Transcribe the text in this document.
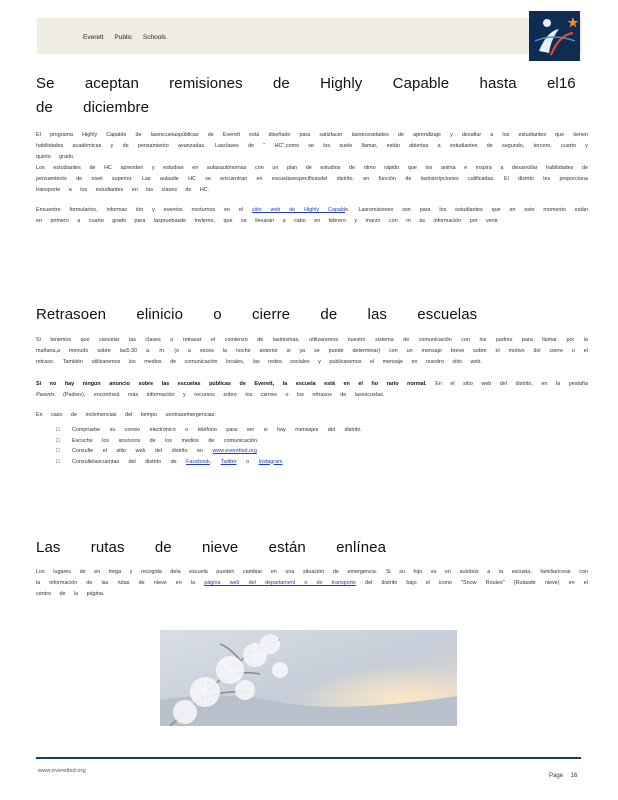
Everett Public Schools
Se aceptan remisiones de Highly Capable hasta el16 de diciembre

El programa Highly Capable de lasescuelaspúblicas de Everett está diseñado para satisfacer lasnecesidades de aprendizaje y desafiar a los estudiantes que tienen habilidades académicas y de pensamiento avanzadas. Lasclases de " HC",como se los suele llamar, están abiertas a estudiantes de segundo, tercero, cuarto y quinto grado.

Los estudiantes de HC aprenden y estudian en aulasautónomas con un plan de estudios de ritmo rápido que los anima e inspira a desarrollar habilidades de pensamiento de nivel superior. Las aulasde HC se encuentran en escuelasespecíficasdel distrito, en función de lasinscripciones calificadas. El distrito les proporciona transporte a los estudiantes en las clases de HC.

Encuentre formularios, informac ión y eventos nocturnos en el sitio web de Highly Capable. Lasremisiones son para los estudiantes que en este momento están en primero a cuarto grado para laspruebasde invierno, que se llevarán a cabo en febrero y marzo con m ás información por venir.

Retrasoen elinicio o cierre de las escuelas

Si tenemos que cancelar las clases o retrasar el comienzo de lasmismas, utilizaremos nuestro sistema de comunicación con los padres para llamar por la mañana,a menudo sobre las5:30 a. m. (o a veces la noche anterior si ya se puede determinar) con un mensaje breve sobre el motivo del cierre o el retraso. También utilizaremos los medios de comunicación locales, las redes sociales y publicaremos el mensaje en nuestro sitio web.

Si no hay ningún anuncio sobre las escuelas públicas de Everett, la escuela está en el ho rario normal. En el sitio web del distrito, en la pestaña Parents (Padres), encontrará más información y recursos sobre los cierres o los retrasos de lasescuelas.

En caso de inclemencias del tiempo ueotrasemergencias:

□ Compruebe su correo electrónico o teléfono para ver si hay mensajes del distrito.
□ Escuche los anuncios de los medios de comunicación.
□ Consulte el sitio web del distrito en www.everettsd.org
□ Consultelascuentas del distrito de Facebook, Twitter o Instagram.
Las rutas de nieve están enlínea

Los lugares de en trega y recogida dela escuela pueden cambiar en una situación de emergencia. Si su hijo va en autobús a la escuela, familiarícese con la información de las rutas de nieve en la página web del departament o de transporte del distrito bajo el icono "Snow Routes" (Rutasde nieve) en el centro de la página.

www.everettsd.org
Page 16
